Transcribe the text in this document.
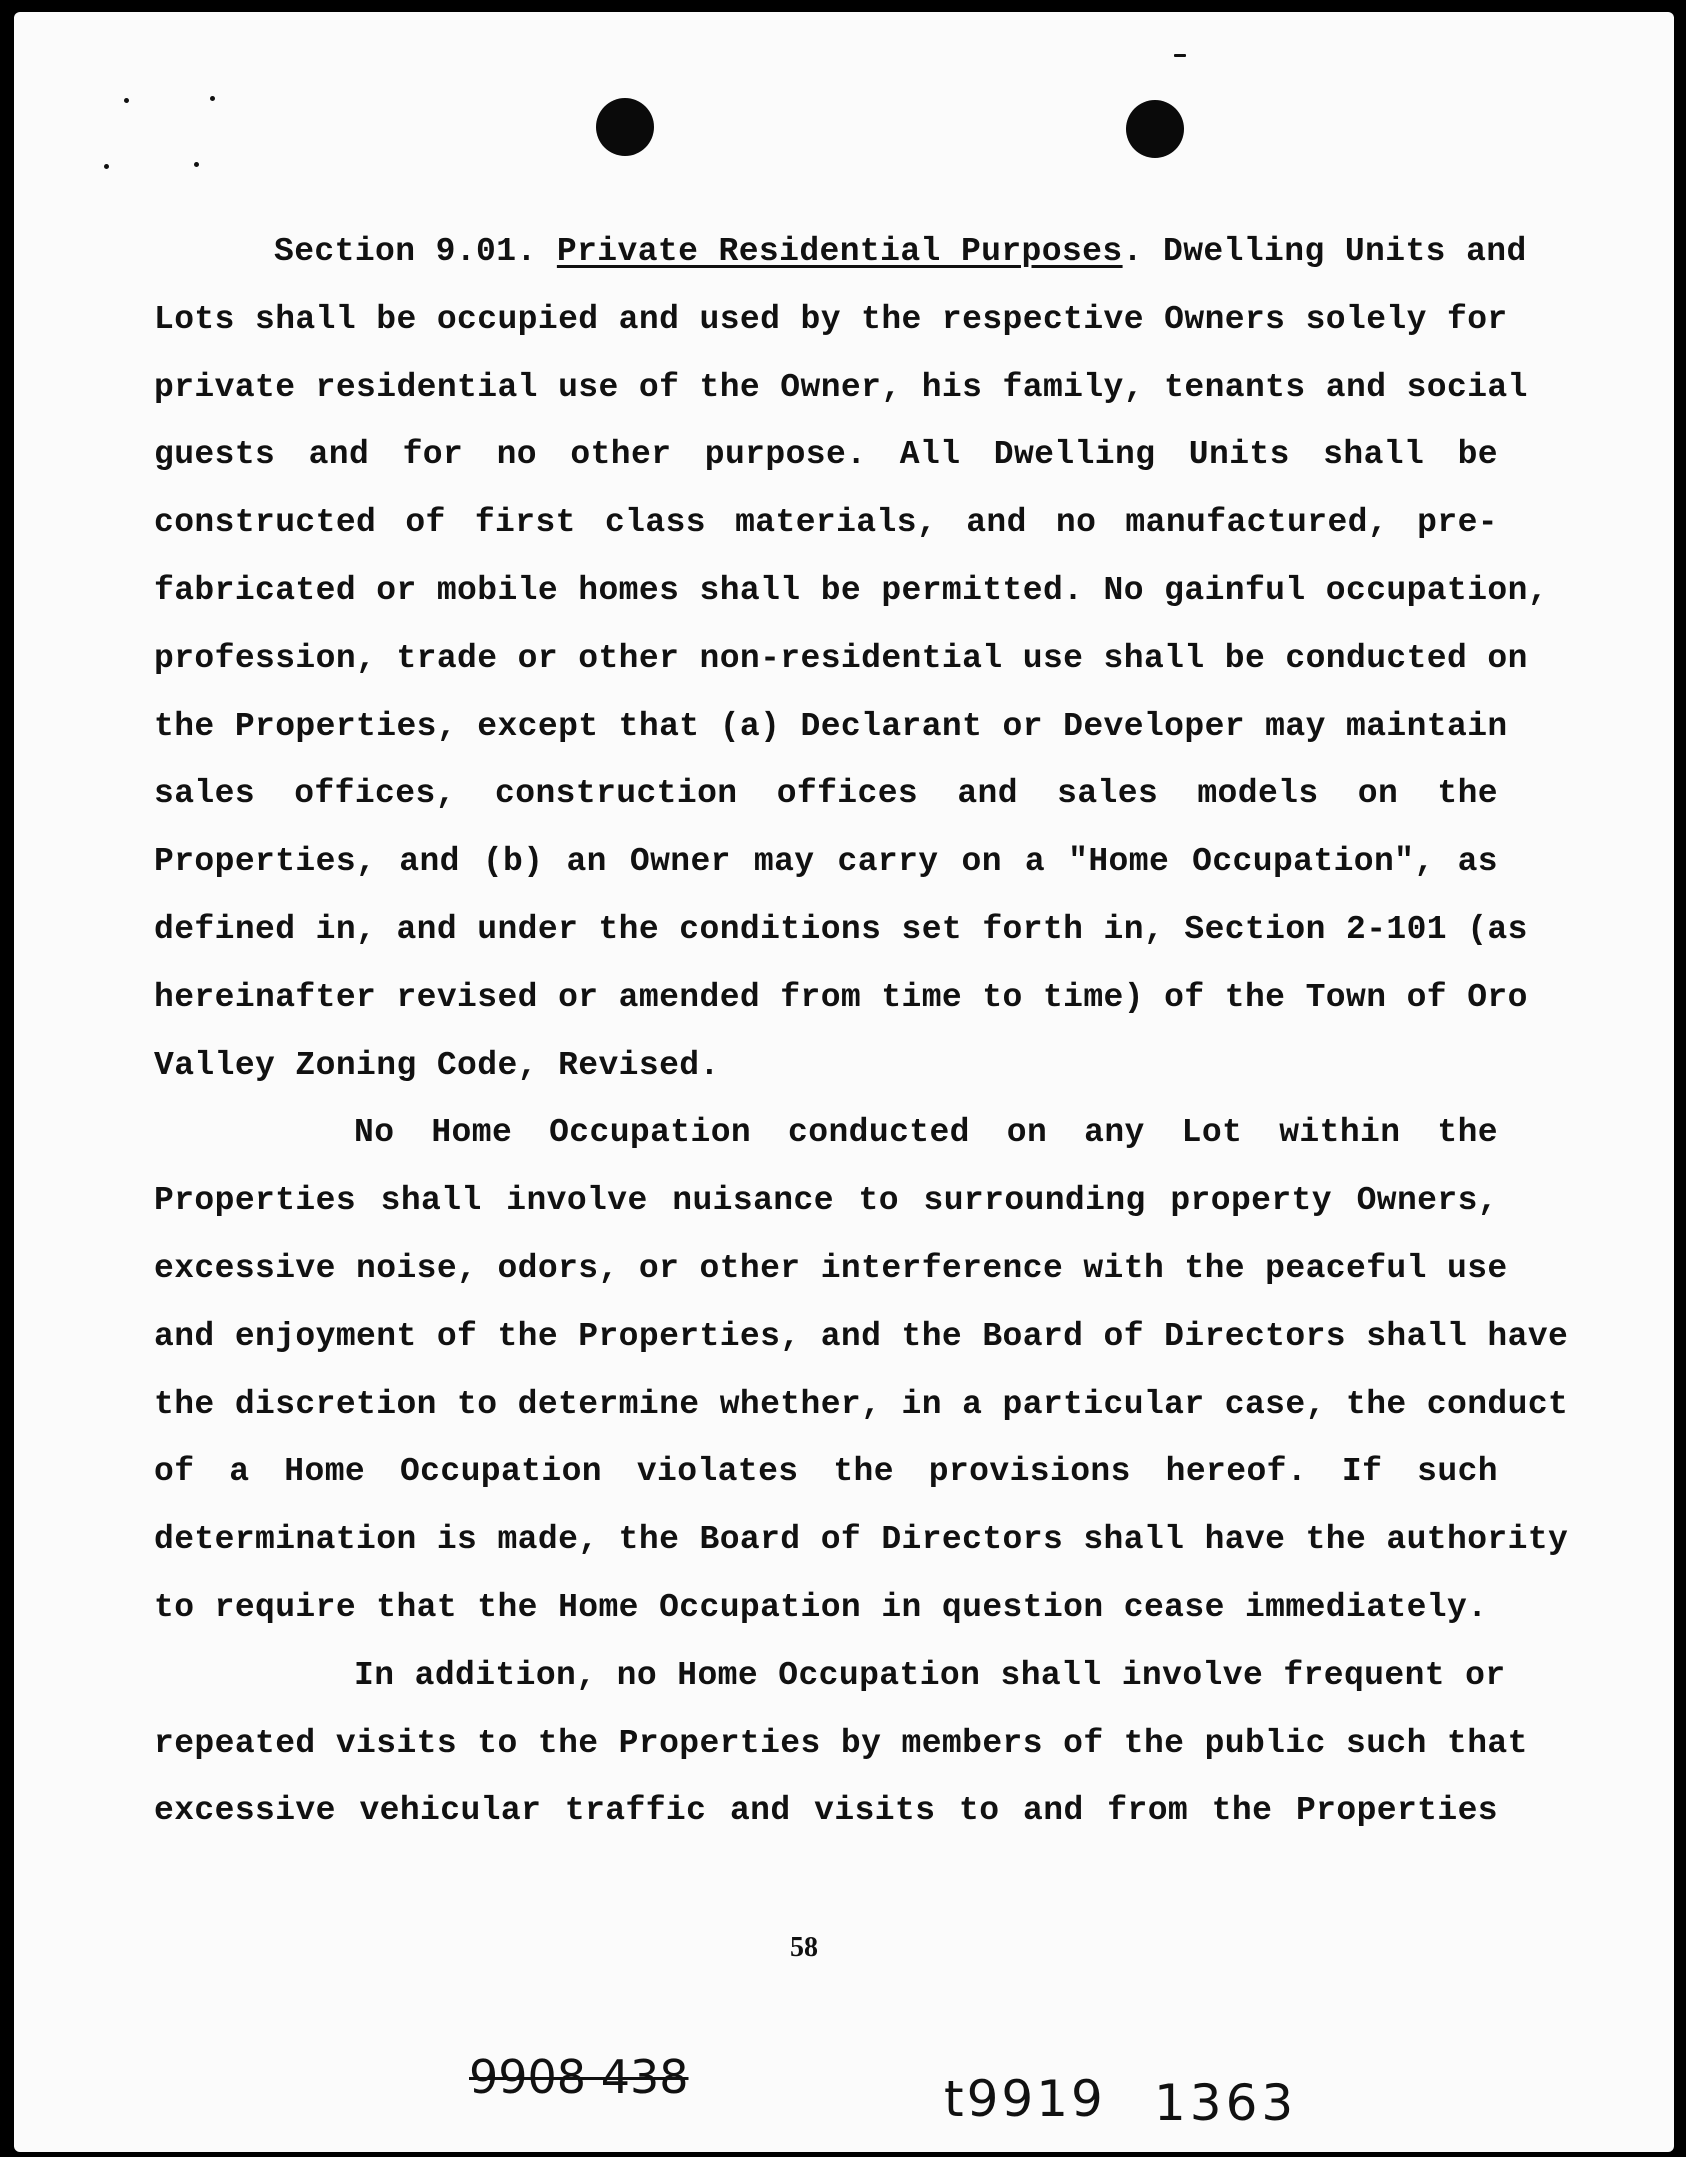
Section 9.01. Private Residential Purposes. Dwelling Units and
Lots shall be occupied and used by the respective Owners solely for
private residential use of the Owner, his family, tenants and social
guests and for no other purpose. All Dwelling Units shall be
constructed of first class materials, and no manufactured, pre-
fabricated or mobile homes shall be permitted. No gainful occupation,
profession, trade or other non-residential use shall be conducted on
the Properties, except that (a) Declarant or Developer may maintain
sales offices, construction offices and sales models on the
Properties, and (b) an Owner may carry on a "Home Occupation", as
defined in, and under the conditions set forth in, Section 2-101 (as
hereinafter revised or amended from time to time) of the Town of Oro
Valley Zoning Code, Revised.
No Home Occupation conducted on any Lot within the
Properties shall involve nuisance to surrounding property Owners,
excessive noise, odors, or other interference with the peaceful use
and enjoyment of the Properties, and the Board of Directors shall have
the discretion to determine whether, in a particular case, the conduct
of a Home Occupation violates the provisions hereof. If such
determination is made, the Board of Directors shall have the authority
to require that the Home Occupation in question cease immediately.
In addition, no Home Occupation shall involve frequent or
repeated visits to the Properties by members of the public such that
excessive vehicular traffic and visits to and from the Properties
58
9908 438	t9919 1363
